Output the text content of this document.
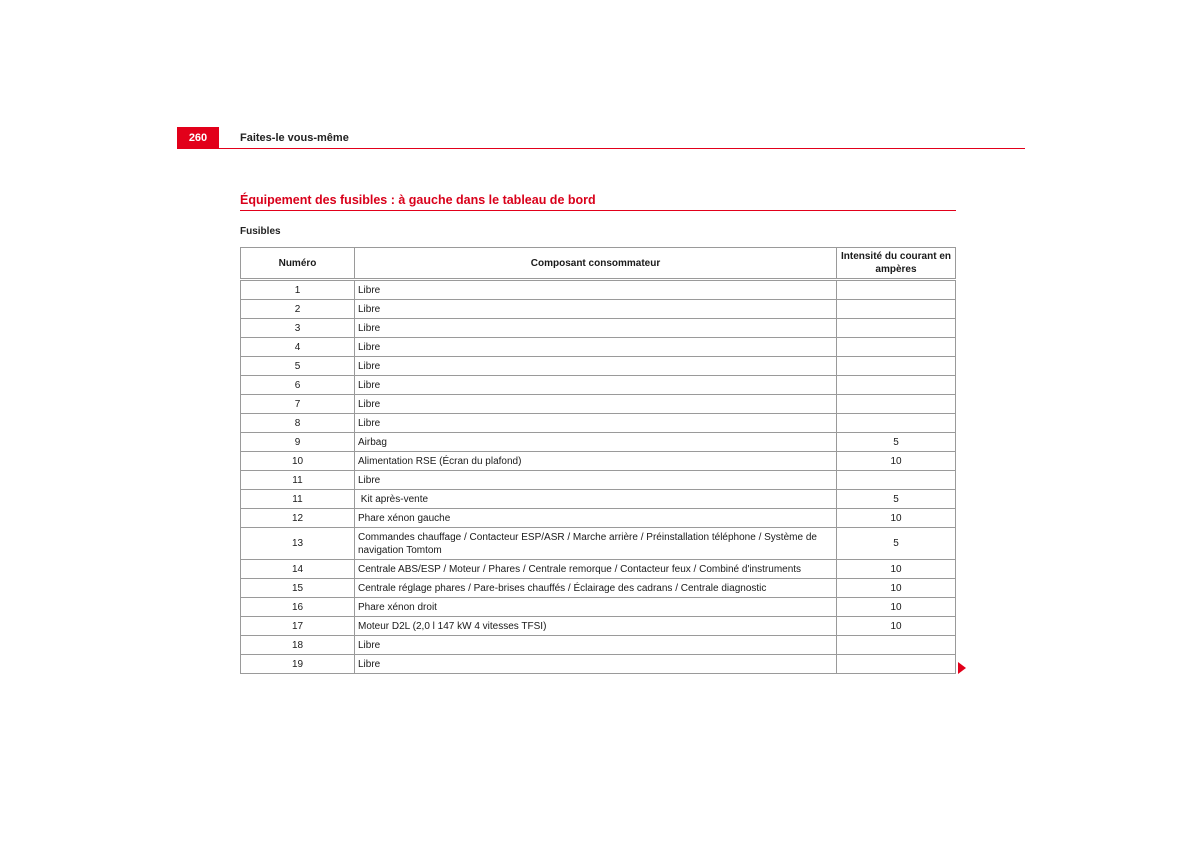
260	Faites-le vous-même
Équipement des fusibles : à gauche dans le tableau de bord
Fusibles
Numéro	Composant consommateur	Intensité du courant en ampères
1	Libre	
2	Libre	
3	Libre	
4	Libre	
5	Libre	
6	Libre	
7	Libre	
8	Libre	
9	Airbag	5
10	Alimentation RSE (Écran du plafond)	10
11	Libre	
11	Kit après-vente	5
12	Phare xénon gauche	10
13	Commandes chauffage / Contacteur ESP/ASR / Marche arrière / Préinstallation téléphone / Système de navigation Tomtom	5
14	Centrale ABS/ESP / Moteur / Phares / Centrale remorque / Contacteur feux / Combiné d'instruments	10
15	Centrale réglage phares / Pare-brises chauffés / Éclairage des cadrans / Centrale diagnostic	10
16	Phare xénon droit	10
17	Moteur D2L (2,0 l 147 kW 4 vitesses TFSI)	10
18	Libre	
19	Libre	
